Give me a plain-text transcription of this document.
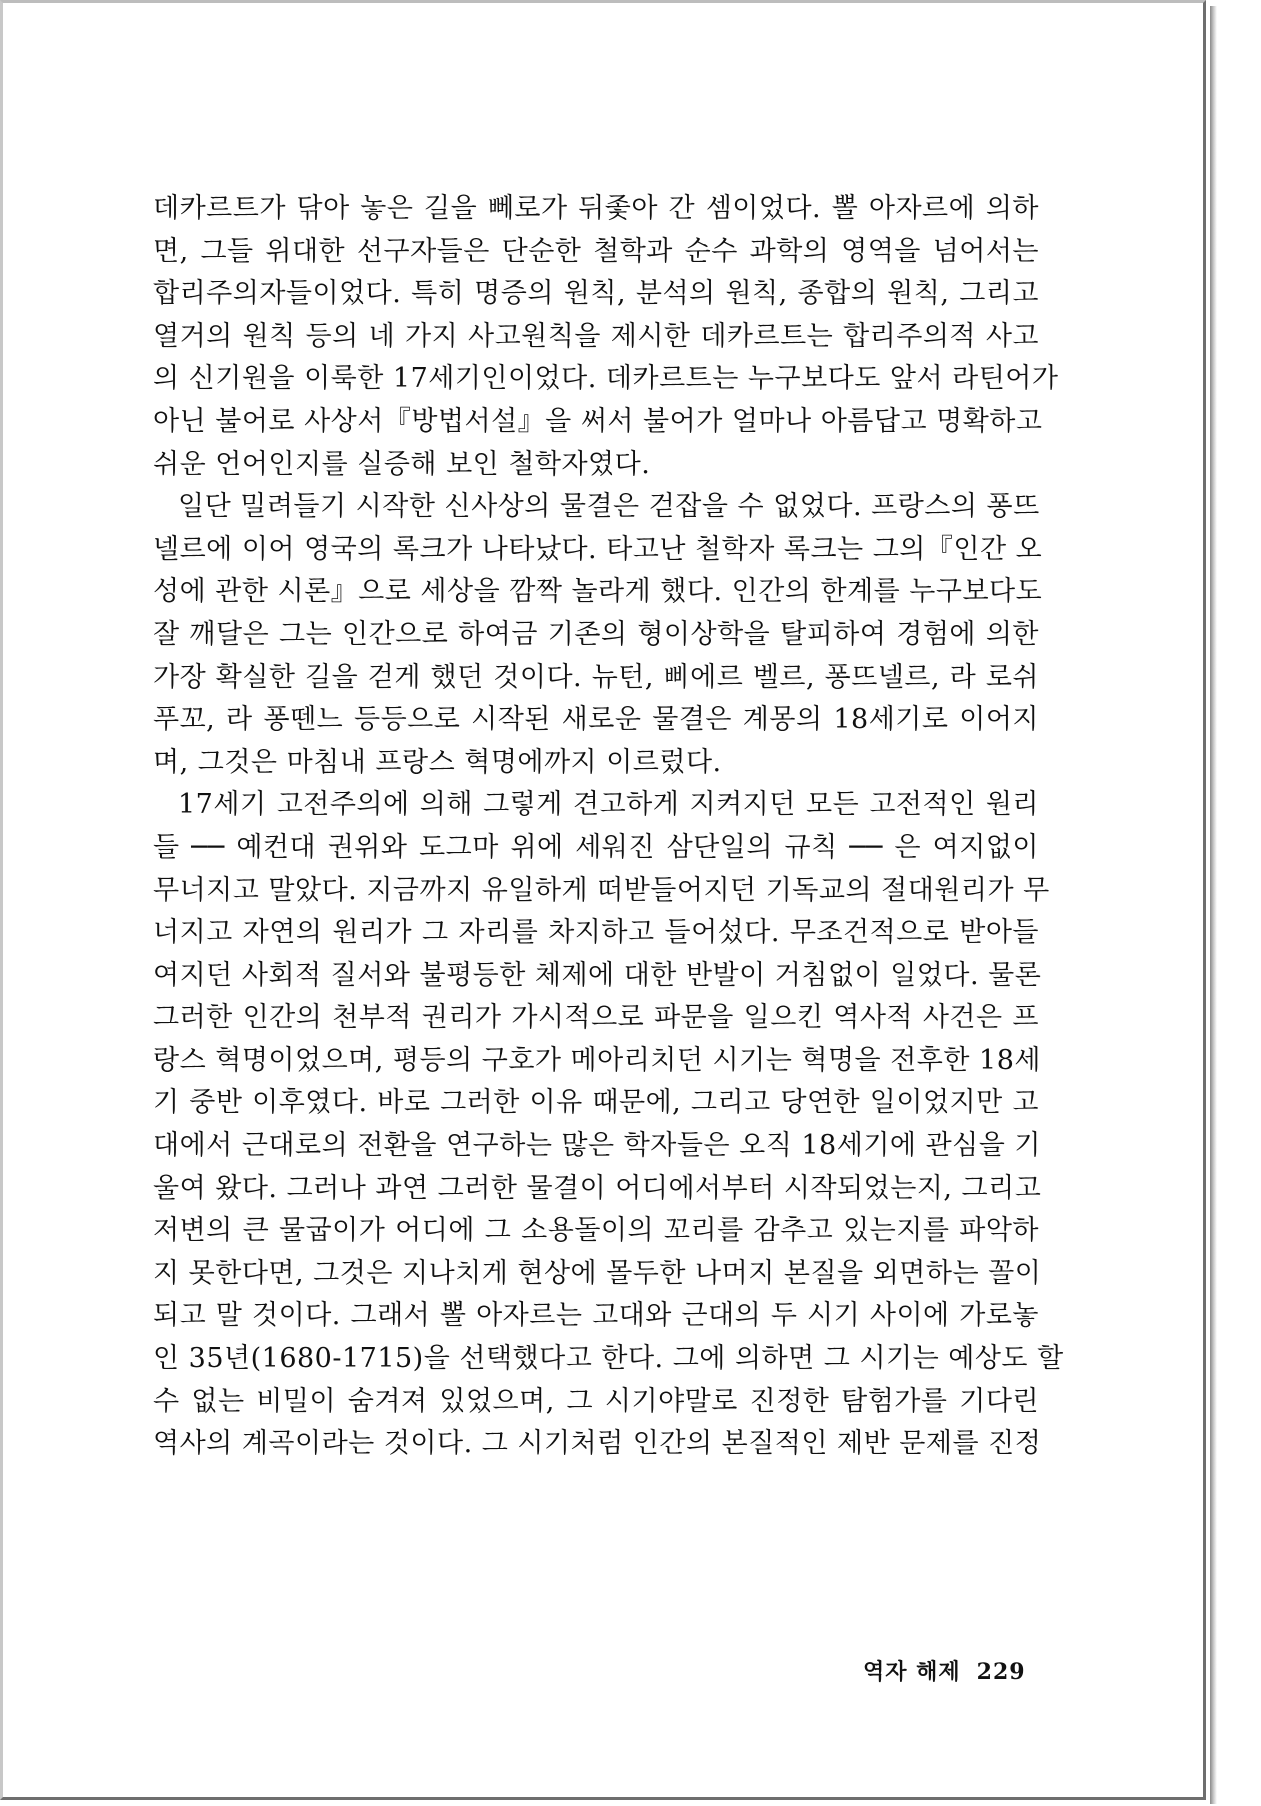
데카르트가 닦아 놓은 길을 뻬로가 뒤좇아 간 셈이었다. 뽈 아자르에 의하
면, 그들 위대한 선구자들은 단순한 철학과 순수 과학의 영역을 넘어서는
합리주의자들이었다. 특히 명증의 원칙, 분석의 원칙, 종합의 원칙, 그리고
열거의 원칙 등의 네 가지 사고원칙을 제시한 데카르트는 합리주의적 사고
의 신기원을 이룩한 17세기인이었다. 데카르트는 누구보다도 앞서 라틴어가
아닌 불어로 사상서『방법서설』을 써서 불어가 얼마나 아름답고 명확하고
쉬운 언어인지를 실증해 보인 철학자였다.
일단 밀려들기 시작한 신사상의 물결은 걷잡을 수 없었다. 프랑스의 퐁뜨
넬르에 이어 영국의 록크가 나타났다. 타고난 철학자 록크는 그의『인간 오
성에 관한 시론』으로 세상을 깜짝 놀라게 했다. 인간의 한계를 누구보다도
잘 깨달은 그는 인간으로 하여금 기존의 형이상학을 탈피하여 경험에 의한
가장 확실한 길을 걷게 했던 것이다. 뉴턴, 삐에르 벨르, 퐁뜨넬르, 라 로쉬
푸꼬, 라 퐁뗀느 등등으로 시작된 새로운 물결은 계몽의 18세기로 이어지
며, 그것은 마침내 프랑스 혁명에까지 이르렀다.
17세기 고전주의에 의해 그렇게 견고하게 지켜지던 모든 고전적인 원리
들 ── 예컨대 권위와 도그마 위에 세워진 삼단일의 규칙 ── 은 여지없이
무너지고 말았다. 지금까지 유일하게 떠받들어지던 기독교의 절대원리가 무
너지고 자연의 원리가 그 자리를 차지하고 들어섰다. 무조건적으로 받아들
여지던 사회적 질서와 불평등한 체제에 대한 반발이 거침없이 일었다. 물론
그러한 인간의 천부적 권리가 가시적으로 파문을 일으킨 역사적 사건은 프
랑스 혁명이었으며, 평등의 구호가 메아리치던 시기는 혁명을 전후한 18세
기 중반 이후였다. 바로 그러한 이유 때문에, 그리고 당연한 일이었지만 고
대에서 근대로의 전환을 연구하는 많은 학자들은 오직 18세기에 관심을 기
울여 왔다. 그러나 과연 그러한 물결이 어디에서부터 시작되었는지, 그리고
저변의 큰 물굽이가 어디에 그 소용돌이의 꼬리를 감추고 있는지를 파악하
지 못한다면, 그것은 지나치게 현상에 몰두한 나머지 본질을 외면하는 꼴이
되고 말 것이다. 그래서 뽈 아자르는 고대와 근대의 두 시기 사이에 가로놓
인 35년(1680-1715)을 선택했다고 한다. 그에 의하면 그 시기는 예상도 할
수 없는 비밀이 숨겨져 있었으며, 그 시기야말로 진정한 탐험가를 기다린
역사의 계곡이라는 것이다. 그 시기처럼 인간의 본질적인 제반 문제를 진정
역자 해제 229
